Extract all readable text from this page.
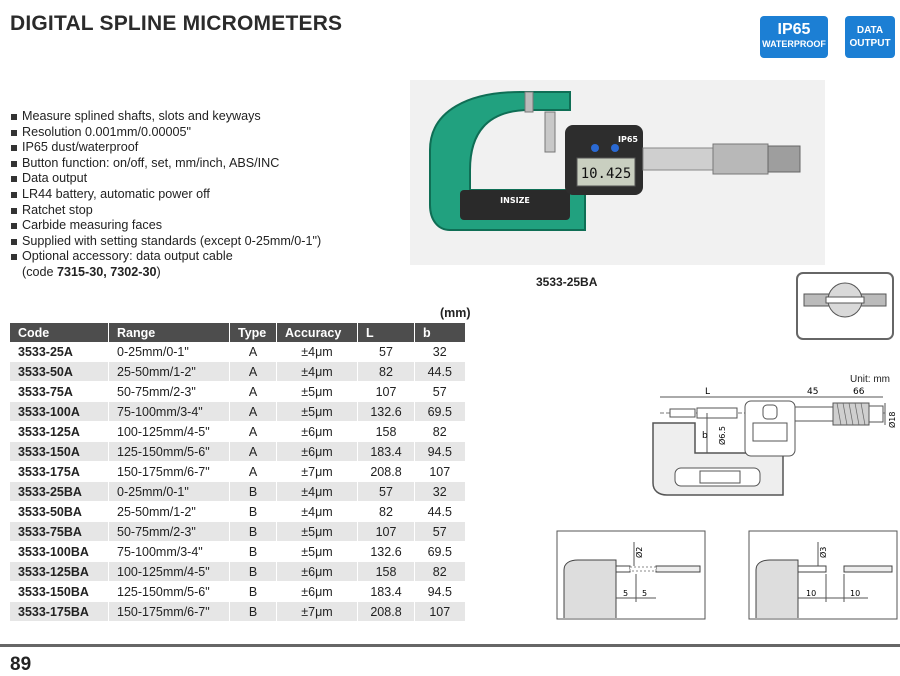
DIGITAL SPLINE MICROMETERS	IP65
WATERPROOF
DATA
OUTPUT
Measure splined shafts, slots and keyways
Resolution 0.001mm/0.00005"
IP65 dust/waterproof
Button function: on/off, set, mm/inch, ABS/INC
Data output
LR44 battery, automatic power off
Ratchet stop
Carbide measuring faces
Supplied with setting standards (except 0-25mm/0-1")
Optional accessory: data output cable
(code 7315-30, 7302-30)
INSIZE
IP65
10.425
3533-25BA
(mm)
Code	Range	Type	Accuracy	L	b
3533-25A	0-25mm/0-1"	A	±4μm	57	32
3533-50A	25-50mm/1-2"	A	±4μm	82	44.5
3533-75A	50-75mm/2-3"	A	±5μm	107	57
3533-100A	75-100mm/3-4"	A	±5μm	132.6	69.5
3533-125A	100-125mm/4-5"	A	±6μm	158	82
3533-150A	125-150mm/5-6"	A	±6μm	183.4	94.5
3533-175A	150-175mm/6-7"	A	±7μm	208.8	107
3533-25BA	0-25mm/0-1"	B	±4μm	57	32
3533-50BA	25-50mm/1-2"	B	±4μm	82	44.5
3533-75BA	50-75mm/2-3"	B	±5μm	107	57
3533-100BA	75-100mm/3-4"	B	±5μm	132.6	69.5
3533-125BA	100-125mm/4-5"	B	±6μm	158	82
3533-150BA	125-150mm/5-6"	B	±6μm	183.4	94.5
3533-175BA	150-175mm/6-7"	B	±7μm	208.8	107
Unit: mm
L	45	66
b Ø6.5
Ø18
Ø2
5 5
Ø3
10	10
89
